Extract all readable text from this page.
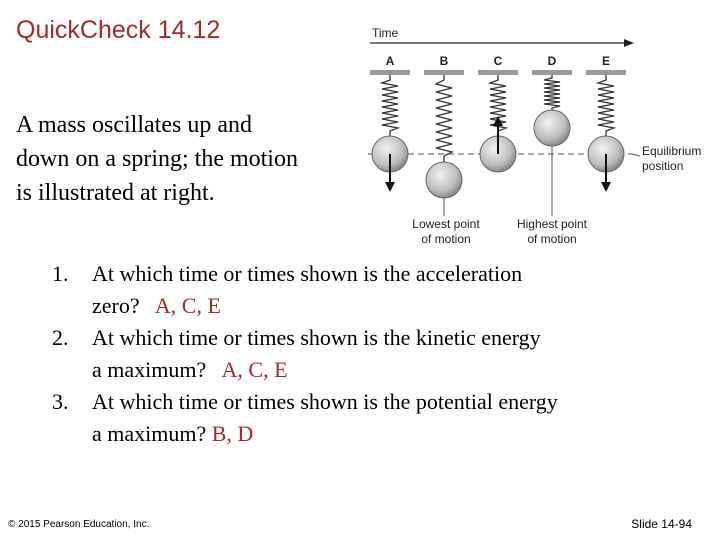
QuickCheck 14.12
A mass oscillates up and
down on a spring; the motion
is illustrated at right.
Time
A	B	C	D	E
Equilibrium
position
Lowest point
of motion
Highest point
of motion
1.	At which time or times shown is the acceleration
zero? A, C, E
2.	At which time or times shown is the kinetic energy
a maximum? A, C, E
3.	At which time or times shown is the potential energy
a maximum? B, D
© 2015 Pearson Education, Inc.	Slide 14-94
